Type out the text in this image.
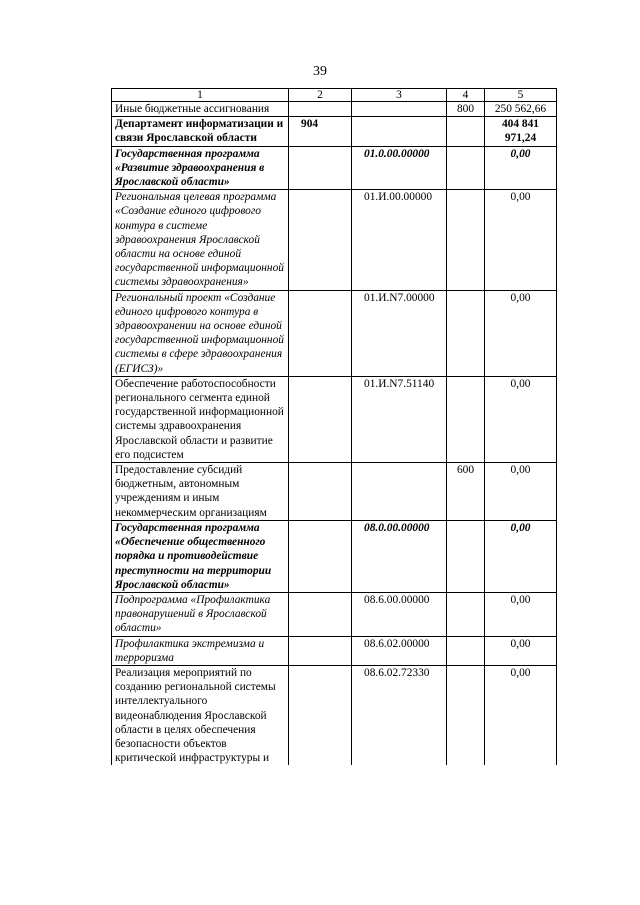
39
1	2	3	4	5
Иные бюджетные ассигнования			800	250 562,66
Департамент информатизации и связи Ярославской области	904			404 841 971,24
Государственная программа «Развитие здравоохранения в Ярославской области»		01.0.00.00000		0,00
Региональная целевая программа «Создание единого цифрового контура в системе здравоохранения Ярославской области на основе единой государственной информационной системы здравоохранения»		01.И.00.00000		0,00
Региональный проект «Создание единого цифрового контура в здравоохранении на основе единой государственной информационной системы в сфере здравоохранения (ЕГИСЗ)»		01.И.N7.00000		0,00
Обеспечение работоспособности регионального сегмента единой государственной информационной системы здравоохранения Ярославской области и развитие его подсистем		01.И.N7.51140		0,00
Предоставление субсидий бюджетным, автономным учреждениям и иным некоммерческим организациям			600	0,00
Государственная программа «Обеспечение общественного порядка и противодействие преступности на территории Ярославской области»		08.0.00.00000		0,00
Подпрограмма «Профилактика правонарушений в Ярославской области»		08.6.00.00000		0,00
Профилактика экстремизма и терроризма		08.6.02.00000		0,00
Реализация мероприятий по созданию региональной системы интеллектуального видеонаблюдения Ярославской области в целях обеспечения безопасности объектов критической инфраструктуры и		08.6.02.72330		0,00
